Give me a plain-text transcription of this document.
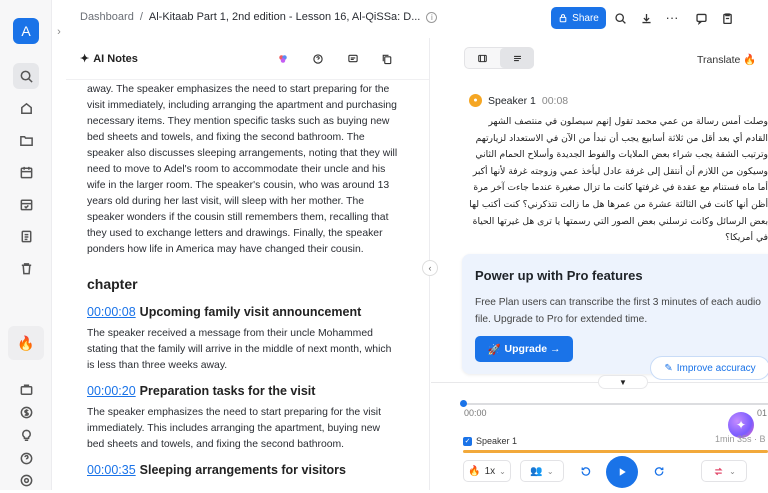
A
🔥
›
Dashboard / Al-Kitaab Part 1, 2nd edition - Lesson 16, Al-QiSSa: D...	i	Share	···
✦ AI Notes

away. The speaker emphasizes the need to start preparing for the visit immediately, including arranging the apartment and purchasing necessary items. They mention specific tasks such as buying new bed sheets and towels, and fixing the second bathroom. The speaker also discusses sleeping arrangements, noting that they will need to move to Adel's room to accommodate their uncle and his wife in the larger room. The speaker's cousin, who was around 13 years old during her last visit, will sleep with her mother. The speaker wonders if the cousin still remembers them, recalling that they used to exchange letters and drawings. Finally, the speaker ponders how life in America may have changed their cousin.

chapter
00:00:08 Upcoming family visit announcement

The speaker received a message from their uncle Mohammed stating that the family will arrive in the middle of next month, which is less than three weeks away.

00:00:20 Preparation tasks for the visit

The speaker emphasizes the need to start preparing for the visit immediately. This includes arranging the apartment, buying new bed sheets and towels, and fixing the second bathroom.

00:00:35 Sleeping arrangements for visitors
‹
Translate 🔥
● Speaker 1 00:08
وصلت أمس رسالة من عمي محمد تقول إنهم سيصلون في منتصف الشهر القادم أي بعد أقل من ثلاثة أسابيع يجب أن نبدأ من الآن في الاستعداد لزيارتهم وترتيب الشقة يجب شراء بعض الملايات والفوط الجديدة وأسلاح الحمام الثاني وسيكون من اللازم أن أنتقل إلى غرفة عادل ليأخذ عمي وزوجته غرفة لأنها أكبر أما ماه فستنام مع عقدة في غرفتها كانت ما تزال صغيرة عندما جاءت آخر مرة أظن أنها كانت في الثالثة عشرة من عمرها هل ما زالت تتذكرني؟ كنت أكتب لها بعض الرسائل وكانت ترسلني بعض الصور التي رسمتها يا ترى هل غيرتها الحياة في أمريكا؟
Power up with Pro features
Free Plan users can transcribe the first 3 minutes of each audio file. Upgrade to Pro for extended time.
🚀 Upgrade →
✎ Improve accuracy
▼
00:00	01
✦
✓ Speaker 1	1min 35s · B
🔥 1x ⌄ 👥 ⌄	⌄
